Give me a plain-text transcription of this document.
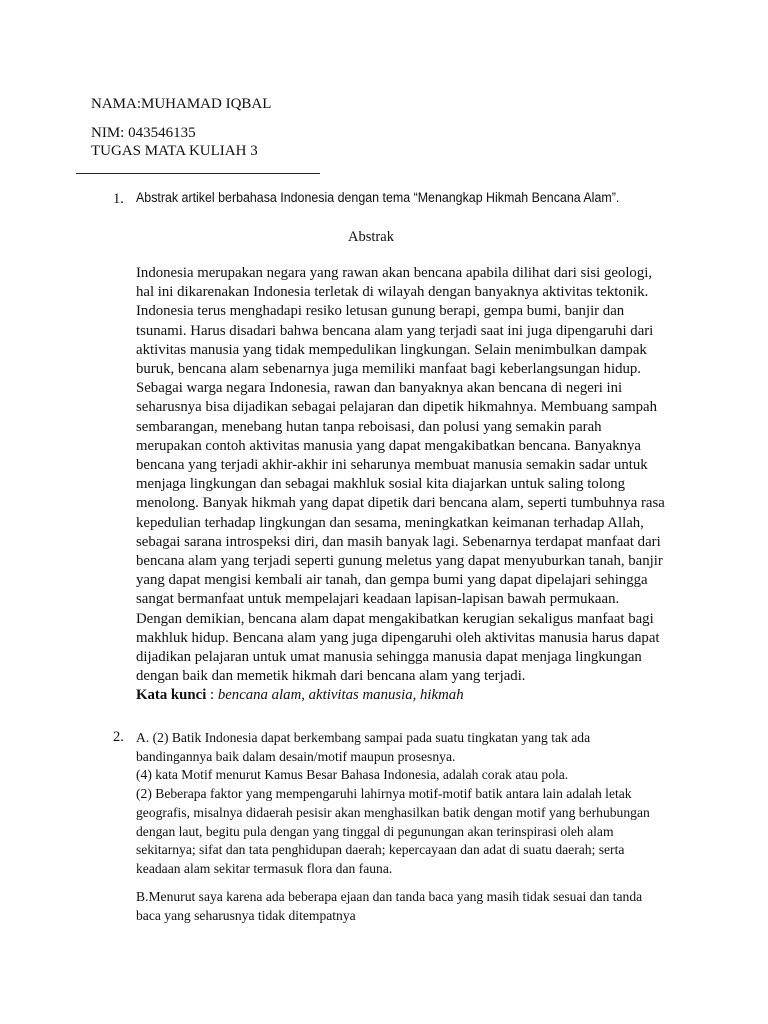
NAMA:MUHAMAD IQBAL
NIM: 043546135
TUGAS MATA KULIAH 3
1. Abstrak artikel berbahasa Indonesia dengan tema “Menangkap Hikmah Bencana Alam”.
Abstrak
Indonesia merupakan negara yang rawan akan bencana apabila dilihat dari sisi geologi,
hal ini dikarenakan Indonesia terletak di wilayah dengan banyaknya aktivitas tektonik.
Indonesia terus menghadapi resiko letusan gunung berapi, gempa bumi, banjir dan
tsunami. Harus disadari bahwa bencana alam yang terjadi saat ini juga dipengaruhi dari
aktivitas manusia yang tidak mempedulikan lingkungan. Selain menimbulkan dampak
buruk, bencana alam sebenarnya juga memiliki manfaat bagi keberlangsungan hidup.
Sebagai warga negara Indonesia, rawan dan banyaknya akan bencana di negeri ini
seharusnya bisa dijadikan sebagai pelajaran dan dipetik hikmahnya. Membuang sampah
sembarangan, menebang hutan tanpa reboisasi, dan polusi yang semakin parah
merupakan contoh aktivitas manusia yang dapat mengakibatkan bencana. Banyaknya
bencana yang terjadi akhir-akhir ini seharunya membuat manusia semakin sadar untuk
menjaga lingkungan dan sebagai makhluk sosial kita diajarkan untuk saling tolong
menolong. Banyak hikmah yang dapat dipetik dari bencana alam, seperti tumbuhnya rasa
kepedulian terhadap lingkungan dan sesama, meningkatkan keimanan terhadap Allah,
sebagai sarana introspeksi diri, dan masih banyak lagi. Sebenarnya terdapat manfaat dari
bencana alam yang terjadi seperti gunung meletus yang dapat menyuburkan tanah, banjir
yang dapat mengisi kembali air tanah, dan gempa bumi yang dapat dipelajari sehingga
sangat bermanfaat untuk mempelajari keadaan lapisan-lapisan bawah permukaan.
Dengan demikian, bencana alam dapat mengakibatkan kerugian sekaligus manfaat bagi
makhluk hidup. Bencana alam yang juga dipengaruhi oleh aktivitas manusia harus dapat
dijadikan pelajaran untuk umat manusia sehingga manusia dapat menjaga lingkungan
dengan baik dan memetik hikmah dari bencana alam yang terjadi.
Kata kunci : bencana alam, aktivitas manusia, hikmah
2. A. (2) Batik Indonesia dapat berkembang sampai pada suatu tingkatan yang tak ada
bandingannya baik dalam desain/motif maupun prosesnya.
(4) kata Motif menurut Kamus Besar Bahasa Indonesia, adalah corak atau pola.
(2) Beberapa faktor yang mempengaruhi lahirnya motif-motif batik antara lain adalah letak
geografis, misalnya didaerah pesisir akan menghasilkan batik dengan motif yang berhubungan
dengan laut, begitu pula dengan yang tinggal di pegunungan akan terinspirasi oleh alam
sekitarnya; sifat dan tata penghidupan daerah; kepercayaan dan adat di suatu daerah; serta
keadaan alam sekitar termasuk flora dan fauna.
B.Menurut saya karena ada beberapa ejaan dan tanda baca yang masih tidak sesuai dan tanda
baca yang seharusnya tidak ditempatnya
